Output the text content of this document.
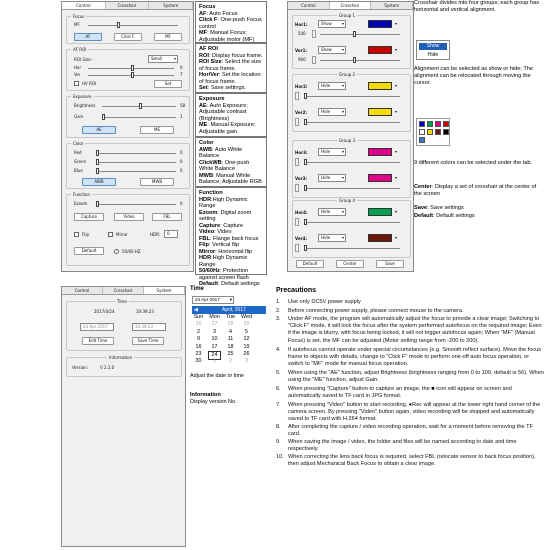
Control	Crosshair	System
Focus
MF
AF	Click F.	MF
AF ROI
ROI Size:	Small	▾
Hor	0
Ver	7
HV ROI	Set
Exposure
Brightness	58
Gain	1
AE	ME
Color
Red	0
Green	0
Blue	0
AWB	MWB
Function
Ezoom	0
Capture	Video	FBL
Flip	Mirror	HDR:	0
Default	50/60 HZ
Focus
AF: Auto Focus
Click F: One-push Focus control
MF: Manual Focus; Adjustable motor (MF)
AF ROI
ROI: Display focus frame.
ROI Size: Select the size of focus frame.
Hor/Ver: Set the location of focus frame.
Set: Save settings.
Exposure
AE: Auto Exposure; Adjustable contrast (Brightness)
ME: Manual Exposure; Adjustable gain.
Color
AWB: Auto White Balance
ClickWB: One-push White Balance
MWB: Manual White Balance; Adjustable RGB
Function
HDR:High Dynamic Range
Ezoom: Digital zoom setting
Capture: Capture
Video: Video
FBL: Flange back focus
Flip: Vertical flip
Mirror: Horizontal flip
HDR:High Dynamic Range
50/60Hz: Protection against screen flash
Default: Default settings
Control	Crosshair	System
Group 1
Hor1:	Show	▾	▾
540
Ver1:	Show	▾	▾
960
Group 2
Hor2:	Hide	▾	▾
Ver2:	Hide	▾	▾
Group 3
Hor3:	Hide	▾	▾
Ver3:	Hide	▾	▾
Group 4
Hor4:	Hide	▾	▾
Ver4:	Hide	▾	▾
Default	Center	Save
Crosshair divides into four groups; each group has horizontal and vertical alignment.
Show
Hide
Alignment can be selected as show or hide; The alignment can be relocated through moving the cursor.
9 different colors can be selected under the tab.
Center: Display a set of crosshair at the center of the screen
Save: Save settings
Default: Default settings
Control	Crosshair	System
Time
2017/4/24	10:39:23
24 Apr 2017	10:39:23
Edit Time	Save Time
Information
Version:	V 2.2.0
Time
24 Apr 2017 ▾
◀	April, 2017
Sun	Mon	Tue	Wed
26	27	28	29
2	3	4	5
9	10	11	12
16	17	18	19
23	24	25	26
30	1	2	3
Adjust the date or time
Information
Display version No.
Precautions
1. Use only DC5V power supply
2. Before connecting power supply, please connect mouse to the camera.
3. Under AF mode, the program will automatically adjust the focus to provide a clear image; Switching to "Click F" mode, it will lock the focus after the system performed autofocus on the required image; Even if the image is blurry, with focus being locked, it will not trigger autofocus again; When "MF" (Manual Focus) is set, the MF can be adjusted (Motor setting range from -200 to 200).
4. If autofocus cannot operate under special circumstances (e.g. Smooth reflect surface). Move the focus frame to objects with details, change to "Click F" mode to perform one-off auto focus operation, or switch to "MF" mode for manual focus operation.
5. When using the "AE" function, adjust Brightness (brightness ranging from 0 to 100, default is 56). When using the "ME" function, adjust Gain.
6. When pressing "Capture" button to capture an image, the ■ icon will appear on screen and automatically saved to TF card in JPG format.
7. When pressing "Video" button to start recording, ●Rec will appear at the lower right hand corner of the camera screen. By pressing "Video" button again, video recording will be stopped and automatically saved to TF card with H.264 format.
8. After completing the capture / video recording operation, wait for a moment before removing the TF card.
9. When saving the image / video, the folder and files will be named according to date and time respectively.
10. When correcting the lens back focus is required, select FBL (relocate sensor to back focus position), then adjust Mechanical Back Focus to obtain a clear image.
